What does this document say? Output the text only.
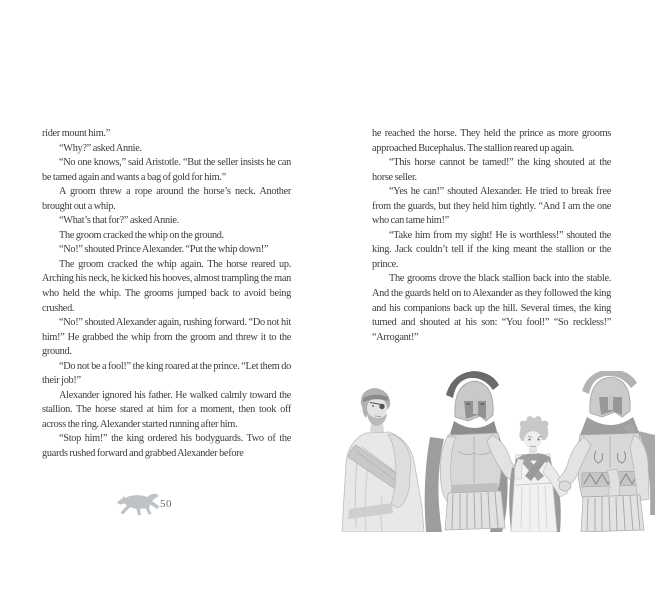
rider mount him.”

“Why?” asked Annie.

“No one knows,” said Aristotle. “But the seller insists he can be tamed again and wants a bag of gold for him.”

A groom threw a rope around the horse’s neck. Another brought out a whip.

“What’s that for?” asked Annie.

The groom cracked the whip on the ground.

“No!” shouted Prince Alexander. “Put the whip down!”

The groom cracked the whip again. The horse reared up. Arching his neck, he kicked his hooves, almost trampling the man who held the whip. The grooms jumped back to avoid being crushed.

“No!” shouted Alexander again, rushing forward. “Do not hit him!” He grabbed the whip from the groom and threw it to the ground.

“Do not be a fool!” the king roared at the prince. “Let them do their job!”

Alexander ignored his father. He walked calmly toward the stallion. The horse stared at him for a moment, then took off across the ring. Alexander started running after him.

“Stop him!” the king ordered his bodyguards. Two of the guards rushed forward and grabbed Alexander before

50

he reached the horse. They held the prince as more grooms approached Bucephalus. The stallion reared up again.

“This horse cannot be tamed!” the king shouted at the horse seller.

“Yes he can!” shouted Alexander. He tried to break free from the guards, but they held him tightly. “And I am the one who can tame him!”

“Take him from my sight! He is worthless!” shouted the king. Jack couldn’t tell if the king meant the stallion or the prince.

The grooms drove the black stallion back into the stable. And the guards held on to Alexander as they followed the king and his companions back up the hill. Several times, the king turned and shouted at his son: “You fool!” “So reckless!” “Arrogant!”
